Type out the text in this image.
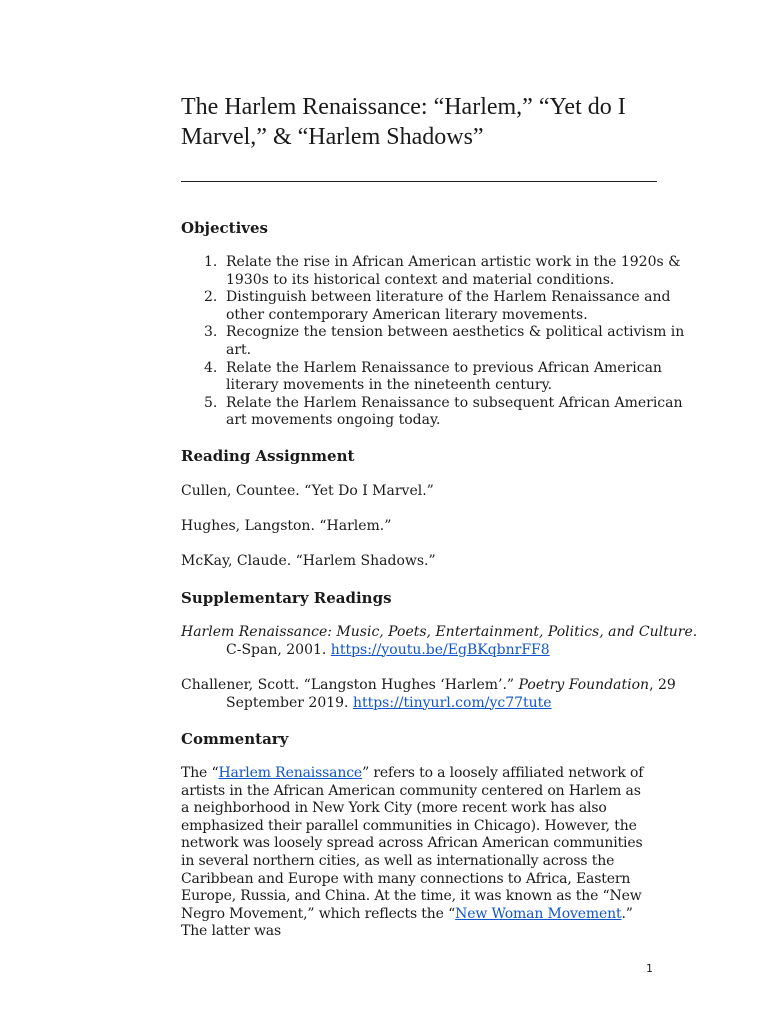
The Harlem Renaissance: “Harlem,” “Yet do I Marvel,” & “Harlem Shadows”
Objectives
1. Relate the rise in African American artistic work in the 1920s & 1930s to its historical context and material conditions.
2. Distinguish between literature of the Harlem Renaissance and other contemporary American literary movements.
3. Recognize the tension between aesthetics & political activism in art.
4. Relate the Harlem Renaissance to previous African American literary movements in the nineteenth century.
5. Relate the Harlem Renaissance to subsequent African American art movements ongoing today.
Reading Assignment

Cullen, Countee. “Yet Do I Marvel.”

Hughes, Langston. “Harlem.”

McKay, Claude. “Harlem Shadows.”

Supplementary Readings

Harlem Renaissance: Music, Poets, Entertainment, Politics, and Culture. C-Span, 2001. https://youtu.be/EgBKqbnrFF8

Challener, Scott. “Langston Hughes ‘Harlem’.” Poetry Foundation, 29 September 2019. https://tinyurl.com/yc77tute

Commentary

The “Harlem Renaissance” refers to a loosely affiliated network of artists in the African American community centered on Harlem as a neighborhood in New York City (more recent work has also emphasized their parallel communities in Chicago). However, the network was loosely spread across African American communities in several northern cities, as well as internationally across the Caribbean and Europe with many connections to Africa, Eastern Europe, Russia, and China. At the time, it was known as the “New Negro Movement,” which reflects the “New Woman Movement.” The latter was

1
